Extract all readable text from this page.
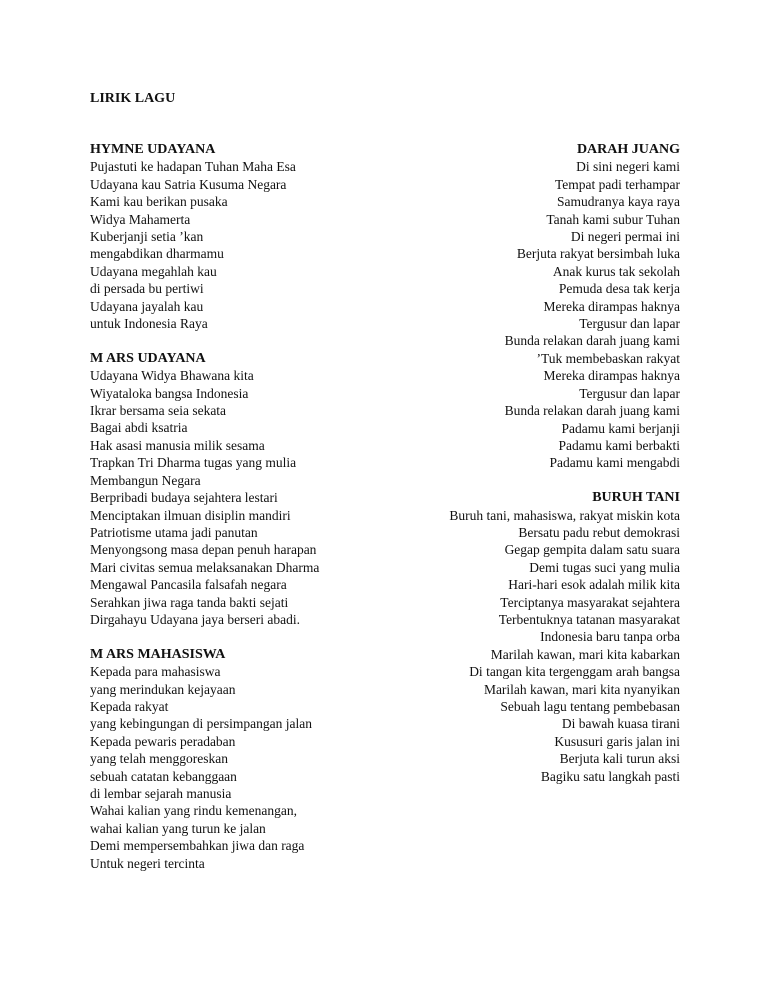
LIRIK LAGU
HYMNE UDAYANA
Pujastuti ke hadapan Tuhan Maha Esa
Udayana kau Satria Kusuma Negara
Kami kau berikan pusaka
Widya Mahamerta
Kuberjanji setia ’kan
mengabdikan dharmamu
Udayana megahlah kau
di persada bu pertiwi
Udayana jayalah kau
untuk Indonesia Raya
M ARS UDAYANA
Udayana Widya Bhawana kita
Wiyataloka bangsa Indonesia
Ikrar bersama seia sekata
Bagai abdi ksatria
Hak asasi manusia milik sesama
Trapkan Tri Dharma tugas yang mulia
Membangun Negara
Berpribadi budaya sejahtera lestari
Menciptakan ilmuan disiplin mandiri
Patriotisme utama jadi panutan
Menyongsong masa depan penuh harapan
Mari civitas semua melaksanakan Dharma
Mengawal Pancasila falsafah negara
Serahkan jiwa raga tanda bakti sejati
Dirgahayu Udayana jaya berseri abadi.
M ARS MAHASISWA
Kepada para mahasiswa
yang merindukan kejayaan
Kepada rakyat
yang kebingungan di persimpangan jalan
Kepada pewaris peradaban
yang telah menggoreskan
sebuah catatan kebanggaan
di lembar sejarah manusia
Wahai kalian yang rindu kemenangan,
wahai kalian yang turun ke jalan
Demi mempersembahkan jiwa dan raga
Untuk negeri tercinta
DARAH JUANG
Di sini negeri kami
Tempat padi terhampar
Samudranya kaya raya
Tanah kami subur Tuhan
Di negeri permai ini
Berjuta rakyat bersimbah luka
Anak kurus tak sekolah
Pemuda desa tak kerja
Mereka dirampas haknya
Tergusur dan lapar
Bunda relakan darah juang kami
’Tuk membebaskan rakyat
Mereka dirampas haknya
Tergusur dan lapar
Bunda relakan darah juang kami
Padamu kami berjanji
Padamu kami berbakti
Padamu kami mengabdi
BURUH TANI
Buruh tani, mahasiswa, rakyat miskin kota
Bersatu padu rebut demokrasi
Gegap gempita dalam satu suara
Demi tugas suci yang mulia
Hari-hari esok adalah milik kita
Terciptanya masyarakat sejahtera
Terbentuknya tatanan masyarakat
Indonesia baru tanpa orba
Marilah kawan, mari kita kabarkan
Di tangan kita tergenggam arah bangsa
Marilah kawan, mari kita nyanyikan
Sebuah lagu tentang pembebasan
Di bawah kuasa tirani
Kususuri garis jalan ini
Berjuta kali turun aksi
Bagiku satu langkah pasti
